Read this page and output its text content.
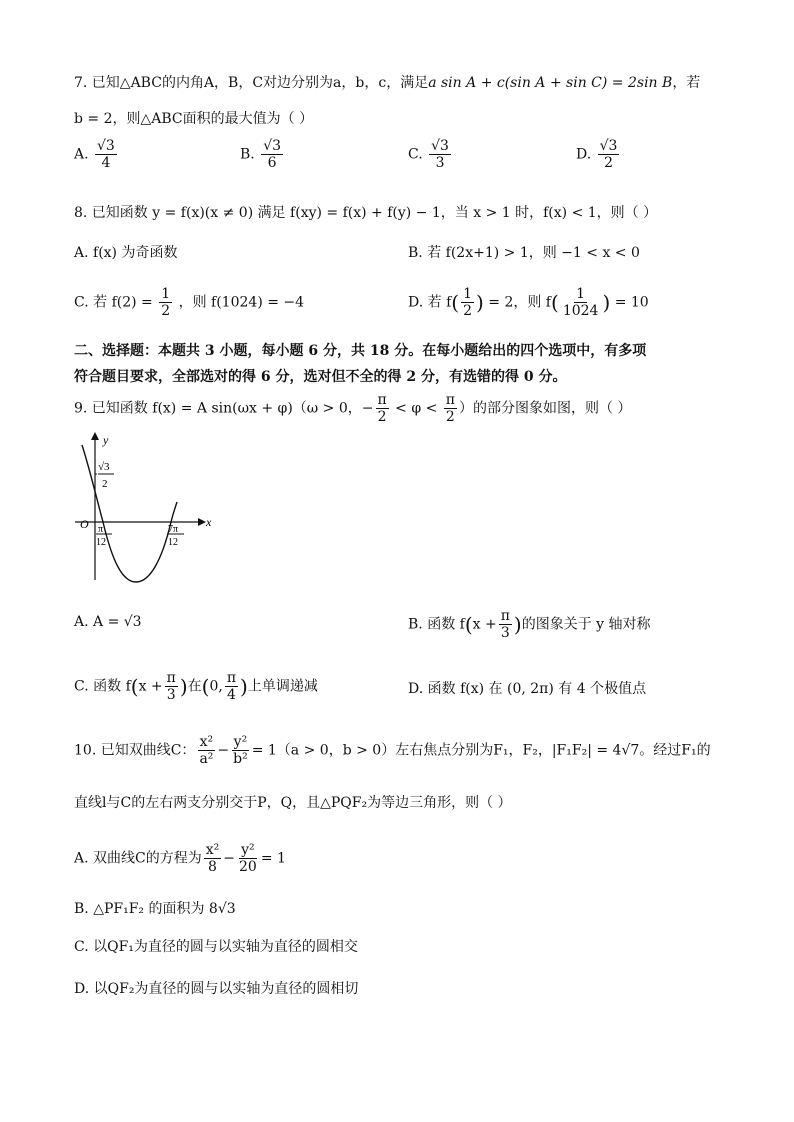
7. 已知△ABC的内角A，B，C对边分别为a，b，c，满足a sin A + c(sin A + sin C) = 2sin B，若
b = 2，则△ABC面积的最大值为（ ）
A. $\frac{√3}{4}$	B. $\frac{√3}{6}$	C. $\frac{√3}{3}$	D. $\frac{√3}{2}$
8. 已知函数 y = f(x)(x ≠ 0) 满足 f(xy) = f(x) + f(y) − 1，当 x > 1 时，f(x) < 1，则（ ）
A. f(x) 为奇函数	B. 若 f(2x+1) > 1，则 −1 < x < 0
C. 若 $f(2) = \frac{1}{2}$ ，则 f(1024) = −4	D. 若 $f( \frac{1}{2}$ ) = 2，则 $f( \frac{1}{1024}$ ) = 10
二、选择题：本题共 3 小题，每小题 6 分，共 18 分。在每小题给出的四个选项中，有多项
符合题目要求，全部选对的得 6 分，选对但不全的得 2 分，有选错的得 0 分。
9. 已知函数 f(x) = A sin(ωx + φ)（ω > 0，− $\frac{\pi}{2} < \varphi < \frac{\pi}{2}$ ）的部分图象如图，则（ ）
y
x
O
√3
2
π
12
7π
12
A. A = √3	B. 函数 $f(x + \frac{\pi}{3}$ )的图象关于 y 轴对称
C. 函数 $f(x + \frac{\pi}{3}$ )在(0, $\frac{\pi}{4}$ )上单调递减	D. 函数 f(x) 在 (0, 2π) 有 4 个极值点
10. 已知双曲线C： $\frac{\text{x²}}{\text{a²}} - \frac{\text{y²}}{\text{b²}} = 1(a > 0$，b > 0）左右焦点分别为F₁，F₂，|F₁F₂| = 4√7。经过F₁的
直线l与C的左右两支分别交于P，Q，且△PQF₂为等边三角形，则（ ）
A. 双曲线C的方程为 $\frac{\text{x²}}{8} - \frac{\text{y²}}{20} = 1$
B. △PF₁F₂ 的面积为 8√3
C. 以QF₁为直径的圆与以实轴为直径的圆相交
D. 以QF₂为直径的圆与以实轴为直径的圆相切
